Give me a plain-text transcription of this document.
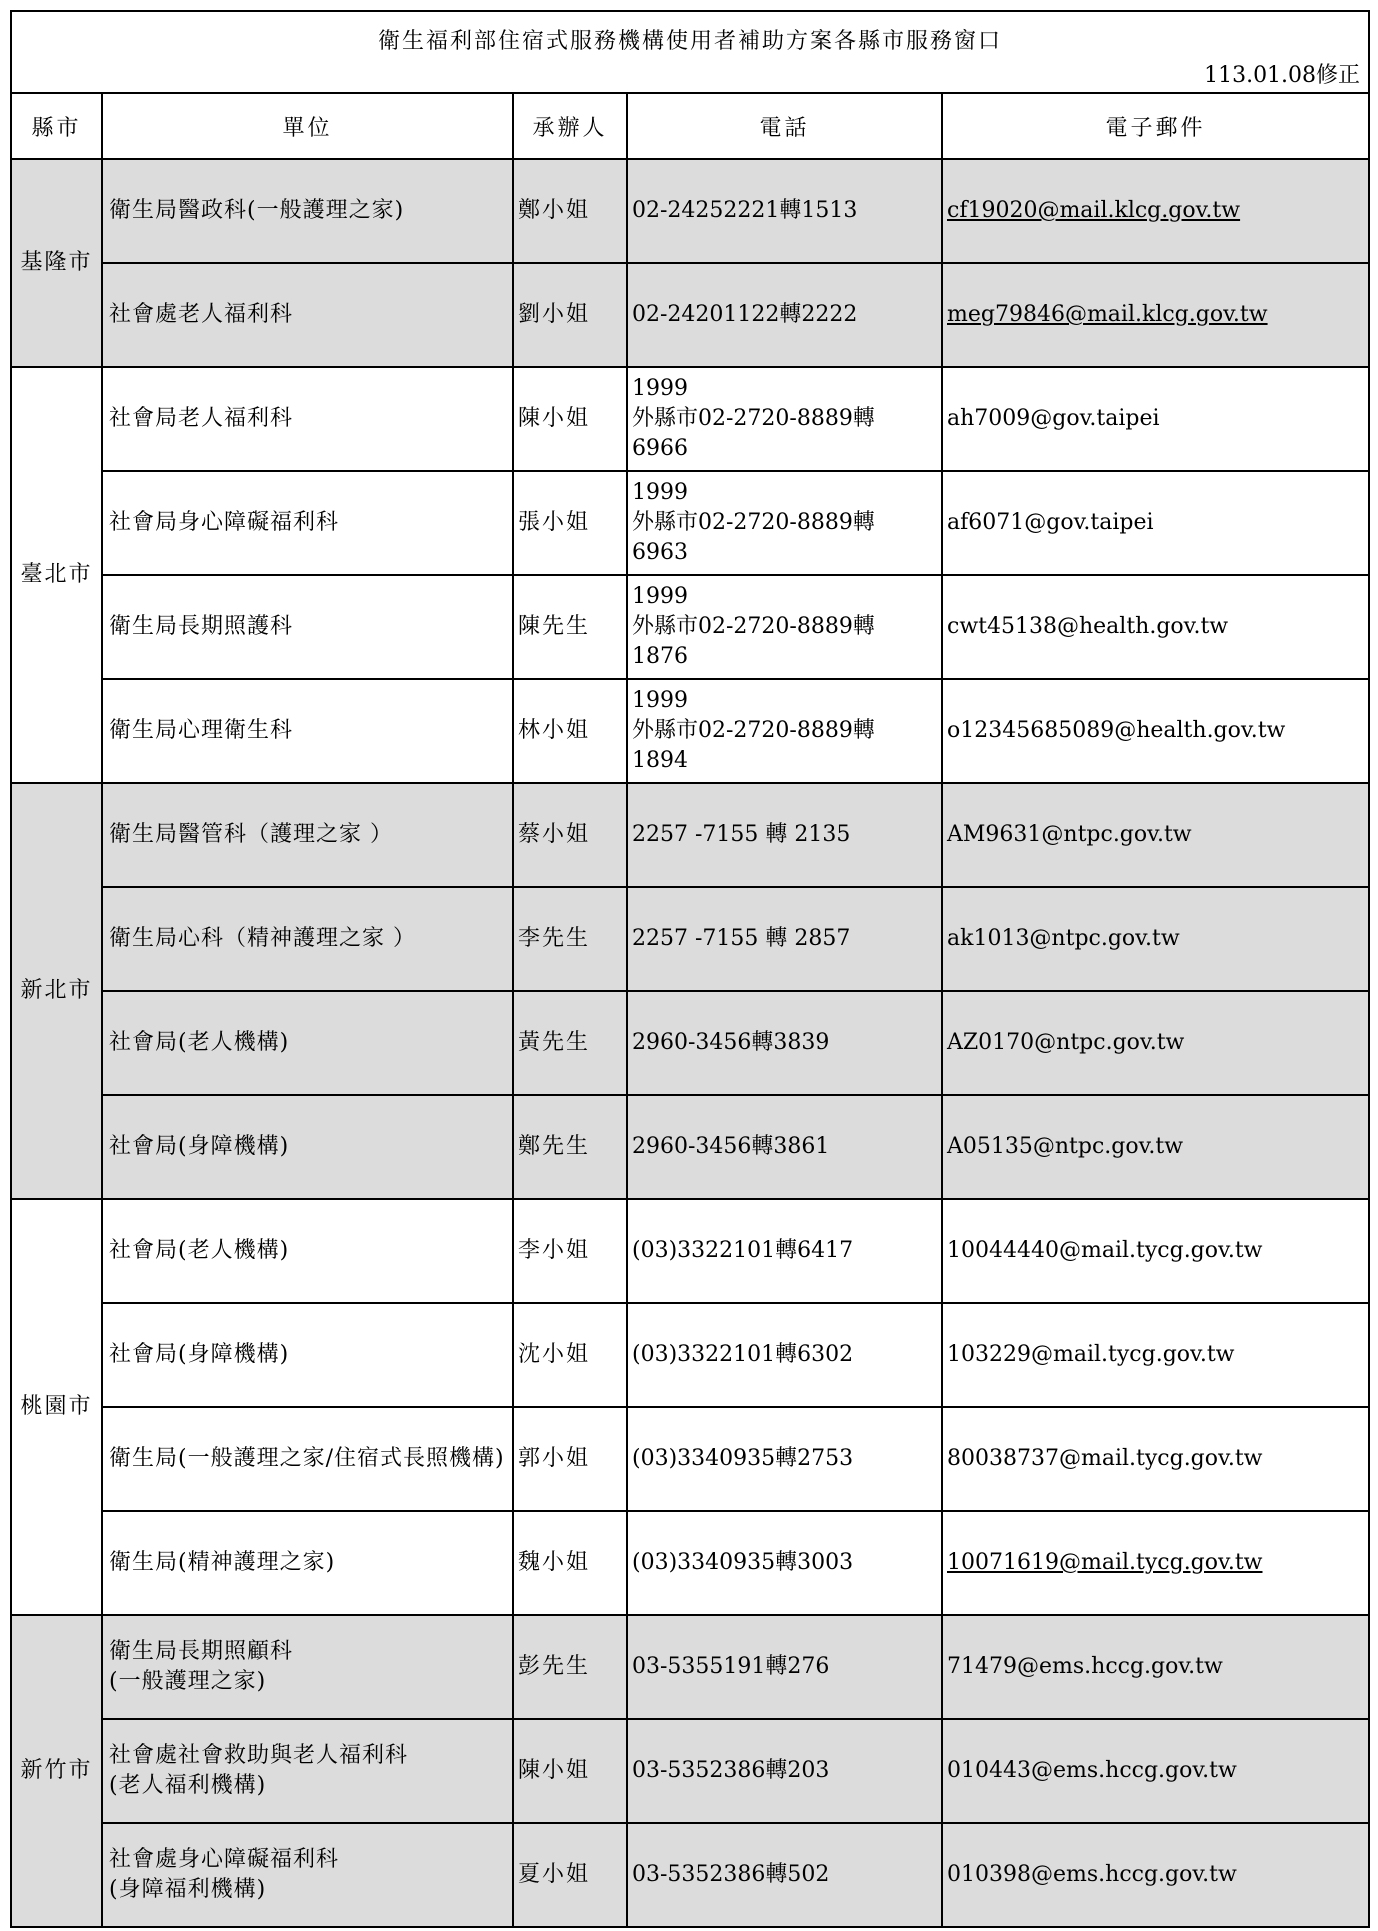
衛生福利部住宿式服務機構使用者補助方案各縣市服務窗口
113.01.08修正				

縣市	單位	承辦人	電話	電子郵件
基隆市	衛生局醫政科(一般護理之家)	鄭小姐	02-24252221轉1513	cf19020@mail.klcg.gov.tw
	社會處老人福利科	劉小姐	02-24201122轉2222	meg79846@mail.klcg.gov.tw
臺北市	社會局老人福利科	陳小姐	1999
外縣市02-2720-8889轉
6966	ah7009@gov.taipei
	社會局身心障礙福利科	張小姐	1999
外縣市02-2720-8889轉
6963	af6071@gov.taipei
	衛生局長期照護科	陳先生	1999
外縣市02-2720-8889轉
1876	cwt45138@health.gov.tw
	衛生局心理衛生科	林小姐	1999
外縣市02-2720-8889轉
1894	o12345685089@health.gov.tw
新北市	衛生局醫管科（護理之家 ）	蔡小姐	2257 -7155 轉 2135	AM9631@ntpc.gov.tw
	衛生局心科（精神護理之家 ）	李先生	2257 -7155 轉 2857	ak1013@ntpc.gov.tw
	社會局(老人機構)	黃先生	2960-3456轉3839	AZ0170@ntpc.gov.tw
	社會局(身障機構)	鄭先生	2960-3456轉3861	A05135@ntpc.gov.tw
桃園市	社會局(老人機構)	李小姐	(03)3322101轉6417	10044440@mail.tycg.gov.tw
	社會局(身障機構)	沈小姐	(03)3322101轉6302	103229@mail.tycg.gov.tw
	衛生局(一般護理之家/住宿式長照機構)	郭小姐	(03)3340935轉2753	80038737@mail.tycg.gov.tw
	衛生局(精神護理之家)	魏小姐	(03)3340935轉3003	10071619@mail.tycg.gov.tw
新竹市	衛生局長期照顧科
(一般護理之家)	彭先生	03-5355191轉276	71479@ems.hccg.gov.tw
	社會處社會救助與老人福利科
(老人福利機構)	陳小姐	03-5352386轉203	010443@ems.hccg.gov.tw
	社會處身心障礙福利科
(身障福利機構)	夏小姐	03-5352386轉502	010398@ems.hccg.gov.tw
